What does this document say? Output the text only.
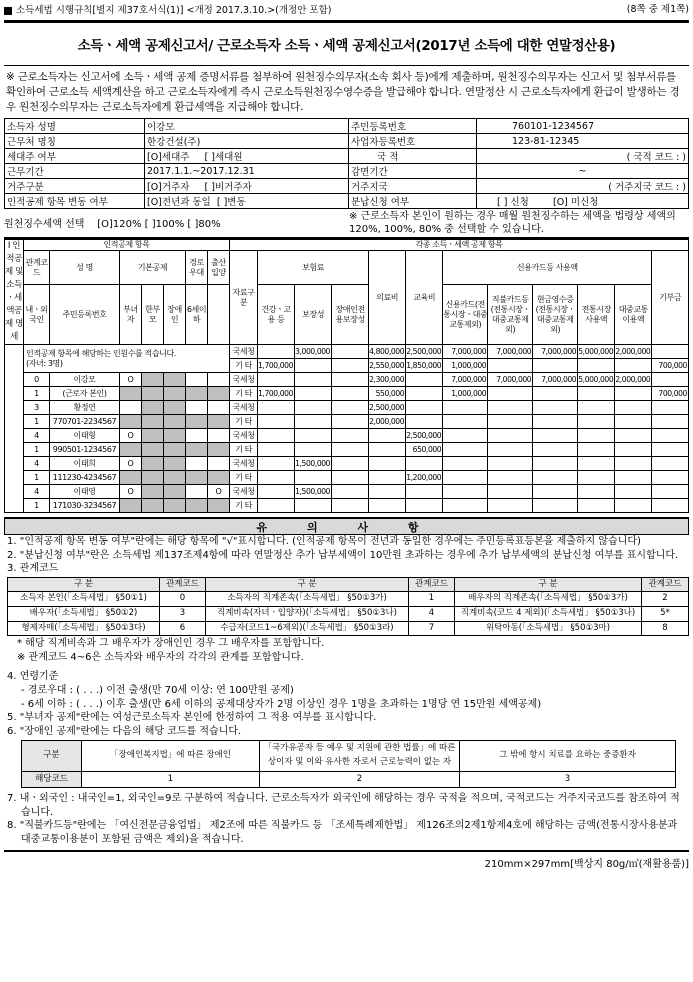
소득세법 시행규칙[별지 제37호서식(1)] <개정 2017.3.10.>(개정안 포함)	(8쪽 중 제1쪽)
소득ㆍ세액 공제신고서/ 근로소득자 소득ㆍ세액 공제신고서(2017년 소득에 대한 연말정산용)
※ 근로소득자는 신고서에 소득ㆍ세액 공제 증명서류를 첨부하여 원천징수의무자(소속 회사 등)에게 제출하며, 원천징수의무자는 신고서 및 첨부서류를 확인하여 근로소득 세액계산을 하고 근로소득자에게 즉시 근로소득원천징수영수증을 발급해야 합니다. 연말정산 시 근로소득자에게 환급이 발생하는 경우 원천징수의무자는 근로소득자에게 환급세액을 지급해야 합니다.
소득자 성명	이강모	주민등록번호	760101-1234567
근무처 명칭	한강건설(주)	사업자등록번호	123-81-12345
세대주 여부	[O]세대주 [ ]세대원	국 적	( 국적 코드 : )
근무기간	2017.1.1.~2017.12.31	감면기간	~
거주구분	[O]거주자 [ ]비거주자	거주지국	( 거주지국 코드 : )
인적공제 항목 변동 여부	[O]전년과 동일 [ ]변동	분납신청 여부	[ ] 신청 [O] 미신청
원천징수세액 선택 [O]120% [ ]100% [ ]80%
※ 근로소득자 본인이 원하는 경우 매월 원천징수하는 세액을 법령상 세액의 120%, 100%, 80% 중 선택할 수 있습니다.
Ⅰ 인적공제 및 소득ㆍ세액공제 명세	인적공제 항목							각종 소득ㆍ세액 공제 항목											
	관계코드	성 명	기본공제			경로우대	출산입양	자료구분	보험료			의료비	교육비	신용카드등 사용액					기부금
	내ㆍ외국인	주민등록번호	부녀자	한부모	장애인	6세이하			건강ㆍ고용 등	보장성	장애인전용보장성			신용카드(전통시장ㆍ대중교통제외)	직불카드등(전통시장ㆍ대중교통제외)	현금영수증(전통시장ㆍ대중교통제외)	전통시장사용액	대중교통이용액	

	인적공제 항목에 해당하는 인원수를 적습니다.
(자녀: 3명)							국세청		3,000,000		4,800,000	2,500,000	7,000,000	7,000,000	7,000,000	5,000,000	2,000,000	
								기 타	1,700,000			2,550,000	1,850,000	1,000,000					700,000
	0	이강모	O					국세청				2,300,000		7,000,000	7,000,000	7,000,000	5,000,000	2,000,000	
	1	(근로자 본인)						기 타	1,700,000			550,000		1,000,000					700,000
	3	황정연						국세청				2,500,000							
	1	770701-2234567						기 타				2,000,000							
	4	이태형	O					국세청					2,500,000						
	1	990501-1234567						기 타					650,000						
	4	이태희	O					국세청		1,500,000									
	1	111230-4234567						기 타					1,200,000						
	4	이태영	O				O	국세청		1,500,000									
	1	171030-3234567						기 타											
유 의 사 항
1. "인적공제 항목 변동 여부"란에는 해당 항목에 "√"표시합니다. (인적공제 항목이 전년과 동일한 경우에는 주민등록표등본을 제출하지 않습니다)
2. "분납신청 여부"란은 소득세법 제137조제4항에 따라 연말정산 추가 납부세액이 10만원 초과하는 경우에 추가 납부세액의 분납신청 여부를 표시합니다.
3. 관계코드
구 분	관계코드	구 분	관계코드	구 분	관계코드
소득자 본인(「소득세법」 §50①1)	0	소득자의 직계존속(「소득세법」 §50①3가)	1	배우자의 직계존속(「소득세법」 §50①3가)	2
배우자(「소득세법」 §50①2)	3	직계비속(자녀ㆍ입양자)(「소득세법」 §50①3나)	4	직계비속(코드 4 제외)(「소득세법」 §50①3나)	5*
형제자매(「소득세법」 §50①3다)	6	수급자(코드1~6제외)(「소득세법」 §50①3라)	7	위탁아동(「소득세법」 §50①3마)	8
* 해당 직계비속과 그 배우자가 장애인인 경우 그 배우자를 포함합니다.
※ 관계코드 4~6은 소득자와 배우자의 각각의 관계를 포함합니다.
4. 연령기준
- 경로우대 : ( . . .) 이전 출생(만 70세 이상: 연 100만원 공제)
- 6세 이하 : ( . . .) 이후 출생(만 6세 이하의 공제대상자가 2명 이상인 경우 1명을 초과하는 1명당 연 15만원 세액공제)
5. "부녀자 공제"란에는 여성근로소득자 본인에 한정하여 그 적용 여부를 표시합니다.
6. "장애인 공제"란에는 다음의 해당 코드를 적습니다.
구분	「장애인복지법」에 따른 장애인	「국가유공자 등 예우 및 지원에 관한 법률」에 따른 상이자 및 이와 유사한 자로서 근로능력이 없는 자	그 밖에 항시 치료를 요하는 중증환자
해당코드	1	2	3
7. 내ㆍ외국인 : 내국인=1, 외국인=9로 구분하여 적습니다. 근로소득자가 외국인에 해당하는 경우 국적을 적으며, 국적코드는 거주지국코드를 참조하여 적습니다.
8. "직불카드등"란에는 「여신전문금융업법」 제2조에 따른 직불카드 등 「조세특례제한법」 제126조의2제1항제4호에 해당하는 금액(전통시장사용분과 대중교통이용분이 포함된 금액은 제외)을 적습니다.
210mm×297mm[백상지 80g/㎡(재활용품)]
